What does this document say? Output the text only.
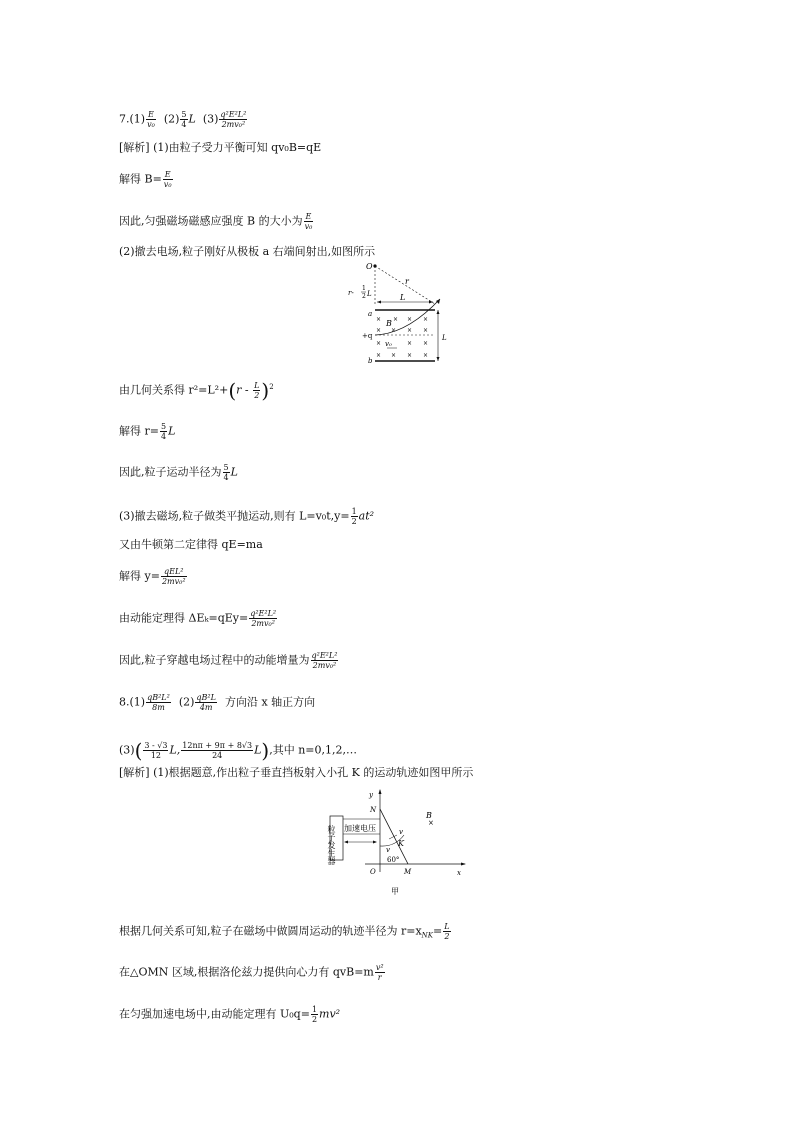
$7.(1) \frac{E}{\text{v₀}} (2) \frac{5}{4}$ L $(3) \frac{\text{q²E²L²}}{\text{2mv₀²}}$
[解析] (1)由粒子受力平衡可知 qv₀B=qE
解得 $B= \frac{E}{\text{v₀}}$
因此,匀强磁场磁感应强度 B 的大小为 $\frac{E}{\text{v₀}}$
(2)撤去电场,粒子刚好从极板 a 右端间射出,如图所示
O
r
r-
1
2 L	L
a
b
+q	L
B
v₀
× × × ×
× × × ×
×	× ×
× × × ×
由几何关系得 $r^2=L^2+(r - \frac{L}{2} )^2$
解得 $r= \frac{5}{4}$ L
因此,粒子运动半径为 $\frac{5}{4}$ L
(3)撤去磁场,粒子做类平抛运动,则有 $L=v_0t,y= \frac{1}{2} at^2$
又由牛顿第二定律得 qE=ma
解得 $y= \frac{\text{qEL²}}{\text{2mv₀²}}$
由动能定理得 $\Delta E_k=qEy= \frac{\text{q²E²L²}}{\text{2mv₀²}}$
因此,粒子穿越电场过程中的动能增量为 $\frac{\text{q²E²L²}}{\text{2mv₀²}}$
$8.(1) \frac{\text{qB²L²}}{8m} (2) \frac{\text{qB²L}}{4m}$ 方向沿 x 轴正方向
$(3)( \frac{3 - √3}{12} L$, $\frac{12n\pi + 9\pi + 8√3}{24} L$),其中 n=0,1,2,…
[解析] (1)根据题意,作出粒子垂直挡板射入小孔 K 的运动轨迹如图甲所示
y
x
O	M
N
粒子发生器 加速电压	v
v
K
60°
B
×
甲
根据几何关系可知,粒子在磁场中做圆周运动的轨迹半径为 $r=x_{NK}= \frac{L}{2}$
在△OMN 区域,根据洛伦兹力提供向心力有 $qvB=m \frac{\text{v²}}{r}$
在匀强加速电场中,由动能定理有 $U_0q= \frac{1}{2} mv^2$
